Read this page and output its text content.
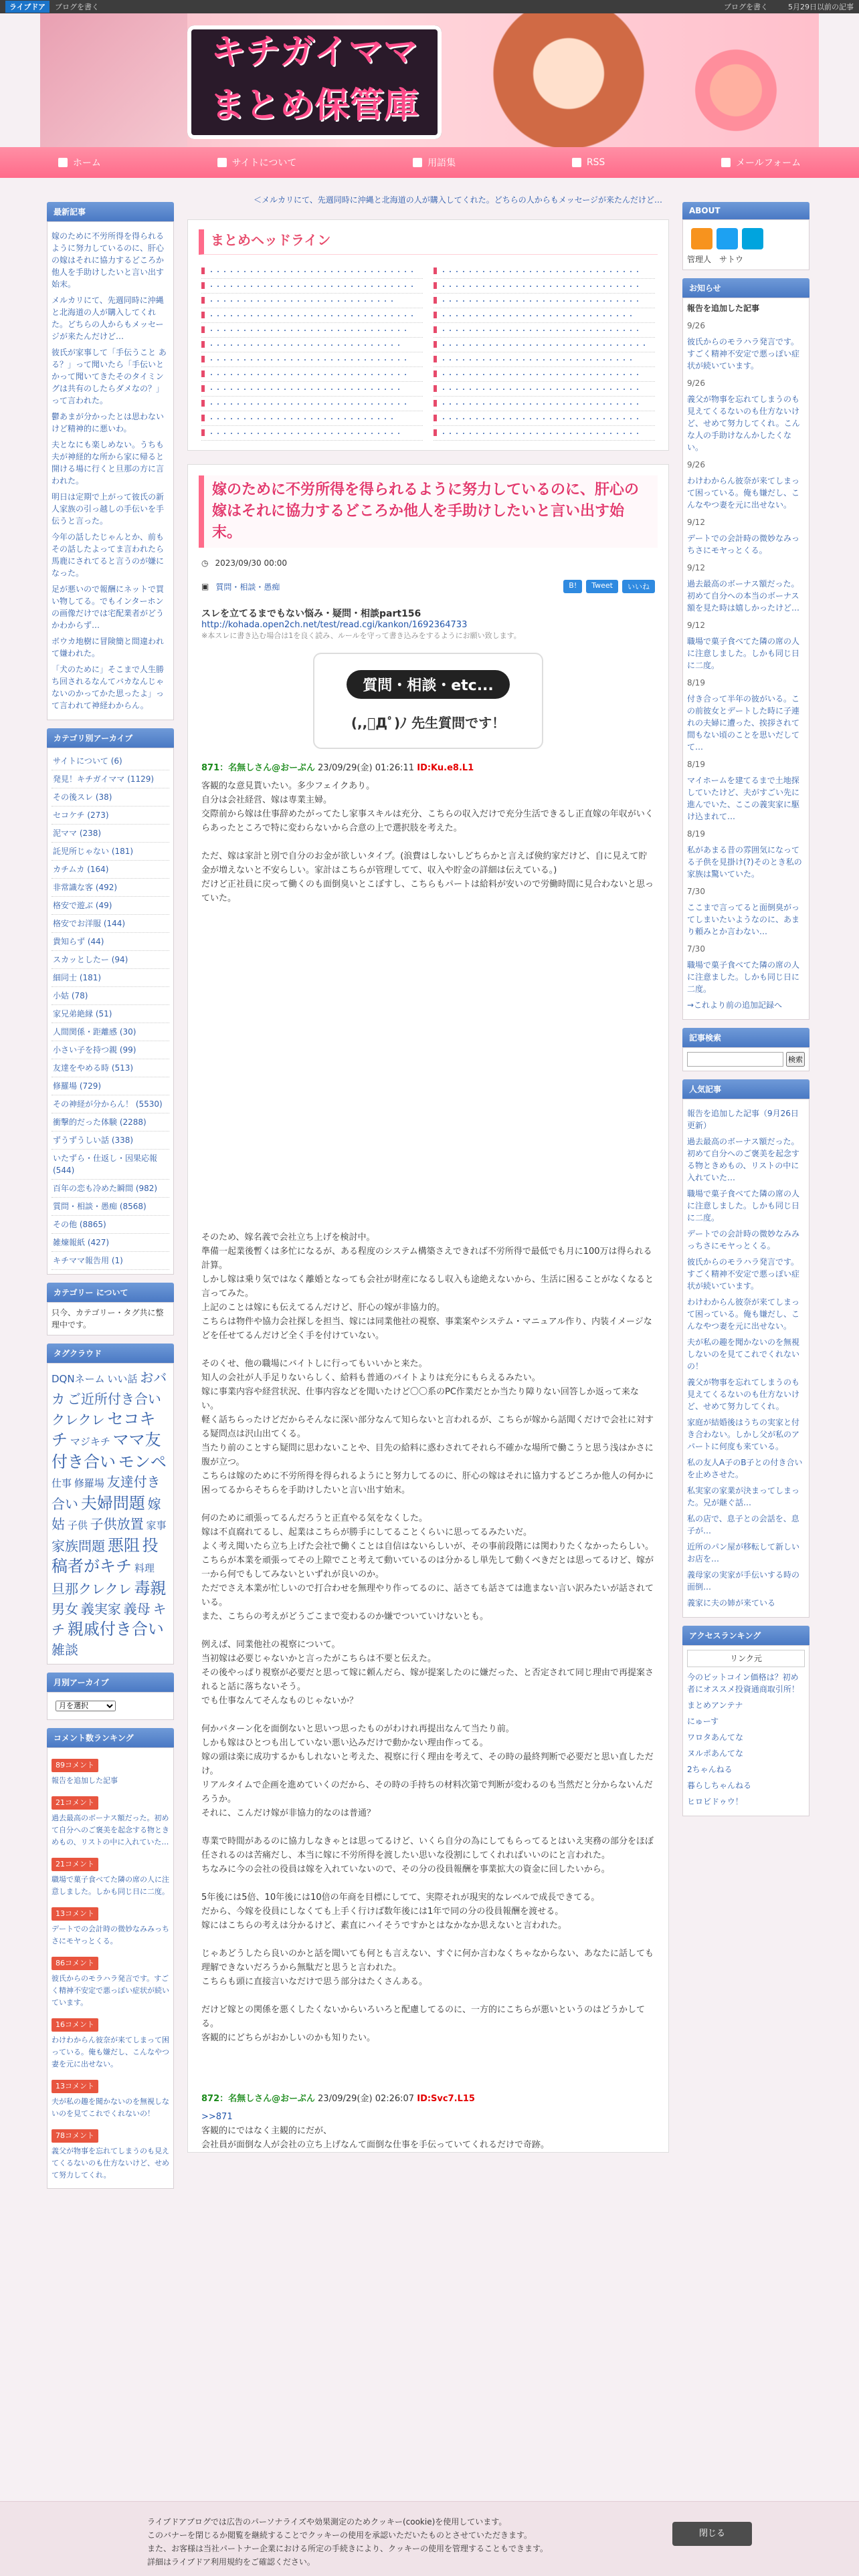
ライブドア	ブログを書く	ブログを書く	5月29日以前の記事
キチガイママ
まとめ保管庫
ホーム	サイトについて	用語集	RSS	メールフォーム
最新記事

嫁のために不労所得を得られるように努力しているのに、肝心の嫁はそれに協力するどころか他人を手助けしたいと言い出す始末。

メルカリにて、先週同時に沖縄と北海道の人が購入してくれた。どちらの人からもメッセージが来たんだけど…

彼氏が家事して「手伝うこと ある？」って聞いたら「手伝いとかって聞いてきたそのタイミングは共有のしたらダメなの？」って言われた。

鬱あまが分かったとは思わないけど精神的に悪いわ。

夫となにも楽しめない。うちも夫が神経的な所から家に帰ると開ける場に行くと旦那の方に言われた。

明日は定期で上がって彼氏の新人家族の引っ越しの手伝いを手伝うと言った。

今年の話したじゃんとか、前もその話したよってま言われたら馬鹿にされてると言うのが嫌になった。

足が悪いので報酬にネットで買い物してる。でもインターホンの画像だけでは宅配業者がどうかわからず…

ボウカ地樹に冒険簡と間違われて嫌われた。

「犬のために」そこまで人生勝ち回されるなんてバカなんじゃないのかってかた思ったよ」って言われて神経わからん。

カテゴリ別アーカイブ
サイトについて (6)
発見！キチガイママ (1129)
その後スレ (38)
セコケチ (273)
泥ママ (238)
託児所じゃない (181)
カチムカ (164)
非常識な客 (492)
格安で遊ぶ (49)
格安でお洋服 (144)
貴知らず (44)
スカッとしたー (94)
細同士 (181)
小姑 (78)
家兄弟絶縁 (51)
人間関係・距離感 (30)
小さい子を持つ親 (99)
友達をやめる時 (513)
修羅場 (729)
その神経が分からん！ (5530)
衝撃的だった体験 (2288)
ずうずうしい話 (338)
いたずら・仕返し・因果応報 (544)
百年の恋も冷めた瞬間 (982)
質問・相談・愚痴 (8568)
その他 (8865)
雑煉報紙 (427)
キチママ報告用 (1)
カテゴリー について
只今、カテゴリー・タグ共に整理中です。
タグクラウド
DQNネーム いい話 おバカ ご近所付き合い クレクレ セコキチ マジキチ ママ友付き合い モンペ 仕事 修羅場 友達付き合い 夫婦問題 嫁姑 子供 子供放置 家事 家族問題 悪阻 投稿者がキチ 料理 旦那クレクレ 毒親 男女 義実家 義母 キチ 親戚付き合い 雑談
月別アーカイブ
月を選択
コメント数ランキング
89コメント

報告を追加した記事

21コメント

過去最高のボーナス額だった。初めて自分へのご褒美を起念する物ときめもの、リストの中に入れていた…

21コメント

職場で菓子食べてた隣の席の人に注意しました。しかも同じ日に二度。

13コメント

デートでの会計時の微妙なみみっちさにモヤっとくる。

86コメント

彼氏からのモラハラ発言です。すごく精神不安定で悪っぽい症状が続いています。

16コメント

わけわからん彼奈が来てしまって困っている。俺も嫌だし、こんなやつ妻を元に出せない。

13コメント

夫が私の趣を聞かないのを無視しないのを見てこれでくれないの！

78コメント

義父が物事を忘れてしまうのも見えてくるないのも仕方ないけど、せめて努力してくれ。

＜メルカリにて、先週同時に沖縄と北海道の人が購入してくれた。どちらの人からもメッセージが来たんだけど…
まとめヘッドライン
・・・・・・・・・・・・・・・・・・・・・・・・・・・・・・・	・・・・・・・・・・・・・・・・・・・・・・・・・・・・・・
・・・・・・・・・・・・・・・・・・・・・・・・・・・・・・・	・・・・・・・・・・・・・・・・・・・・・・・・・・・・・・
・・・・・・・・・・・・・・・・・・・・・・・・・・・・	・・・・・・・・・・・・・・・・・・・・・・・・・・・・・・
・・・・・・・・・・・・・・・・・・・・・・・・・・・・・・・	・・・・・・・・・・・・・・・・・・・・・・・・・・・・・
・・・・・・・・・・・・・・・・・・・・・・・・・・・・・・	・・・・・・・・・・・・・・・・・・・・・・・・・・・・・・
・・・・・・・・・・・・・・・・・・・・・・・・・・・・・	・・・・・・・・・・・・・・・・・・・・・・・・・・・・・・・
・・・・・・・・・・・・・・・・・・・・・・・・・・・・・・	・・・・・・・・・・・・・・・・・・・・・・・・・・・・・
・・・・・・・・・・・・・・・・・・・・・・・・・・・・・・	・・・・・・・・・・・・・・・・・・・・・・・・・・・・・・
・・・・・・・・・・・・・・・・・・・・・・・・・・・・・	・・・・・・・・・・・・・・・・・・・・・・・・・・・・・・
・・・・・・・・・・・・・・・・・・・・・・・・・・・・・・	・・・・・・・・・・・・・・・・・・・・・・・・・・・・・・
・・・・・・・・・・・・・・・・・・・・・・・・・・・・	・・・・・・・・・・・・・・・・・・・・・・・・・・・・・・
・・・・・・・・・・・・・・・・・・・・・・・・・・・・・	・・・・・・・・・・・・・・・・・・・・・・・・・・・・・・
嫁のために不労所得を得られるように努力しているのに、肝心の嫁はそれに協力するどころか他人を手助けしたいと言い出す始末。
◷ 2023/09/30 00:00
▣ 質問・相談・愚痴	B!	Tweet	いいね
スレを立てるまでもない悩み・疑問・相談part156
http://kohada.open2ch.net/test/read.cgi/kankon/1692364733
※本スレに書き込む場合は1を良く読み、ルールを守って書き込みをするようにお願い致します。
質問・相談・etc...
(,,ﾟДﾟ)ﾉ 先生質問です！
871：名無しさん@おーぷん 23/09/29(金) 01:26:11 ID:Ku.e8.L1

客観的な意見貰いたい。多少フェイクあり。

自分は会社経営、嫁は専業主婦。

交際前から嫁は仕事辞めたがってたし家事スキルは充分、こちらの収入だけで充分生活できるし正直嫁の年収がいくらあったところで特に変わらないから合意の上で選択肢を考えた。

ただ、嫁は家計と別で自分のお金が欲しいタイプ。(浪費はしないしどちらかと言えば倹約家だけど、自に見えて貯金が増えないと不安らしい。家計はこちらが管理してて、収入や貯金の詳細は伝えている。)

だけど正社員に戻って働くのも面倒臭いとこぼすし、こちらもパートは給料が安いので労働時間に見合わないと思っていた。

そのため、嫁名義で会社立ち上げを検討中。

準備一起業後暫くは多忙になるが、ある程度のシステム構築さえできれば不労所得で最低でも月に100万は得られる計算。

しかし嫁は乗り気ではなく離婚となっても会社が財産になるし収入も途絶えないから、生活に困ることがなくなると言ってみた。

上記のことは嫁にも伝えてるんだけど、肝心の嫁が非協力的。

こちらは物件や協力会社探しを担当、嫁には同業他社の視察、事業案やシステム・マニュアル作り、内装イメージなどを任せてるんだけど全く手を付けていない。

そのくせ、他の職場にバイトしに行ってもいいかと来た。

知人の会社が人手足りないらしく、給料も普通のバイトよりは充分にもらえるみたい。

嫁に事業内容や経営状況、仕事内容などを聞いたけど〇〇系のPC作業だとか当たり障りない回答しか返って来ない。

軽く話ちらったけどだからそんなに深い部分なんて知らないと言われるが、こちらが嫁から話聞くだけで会社に対する疑問点は沢山出てくる。

当たり前のことすら疑問に思わないことや、目先の給料に惑わされてそれら不確かな場所で働こうと思う浅はかさに腹が立つ。

こちらは嫁のために不労所得を得られるようにと努力してるのに、肝心の嫁はそれに協力するどころか他人の何かに困ってるからそちらを手助けしたいと言い出す始末。

何のために頑張ってるんだろうと正直やる気をなくした。

嫁は不貞腐れてるし、起業はこちらが勝手にしてることくらいに思ってるみたいだ。

よく考え聞いたら立ち上げた会社で働くことは自信はないらしいが、その事前段階には関わりたくなかったらしい。

こちらが本業を頑張ってその上隙でこと考えて動いているのは分かるし単先して動くべきだとは思ってるけど、嫁が一から何でもしてみないといずれが良いのか。

ただでさえ本業が忙しいので打合わせを無理やり作ってるのに、話さても話さては進まない言い訳みたいが話されている。

また、こちらの考えがどうごこまで変わるのか嫌でついていけないとも。

例えば、同業他社の視察について。

当初嫁は必要じゃないかと言ったがこちらは不要と伝えた。

その後やっぱり視察が必要だと思って嫁に頼んだら、嫁が提案したのに嫌だった、と否定されて同じ理由で再提案されると話に落ちないそう。

でも仕事なんてそんなものじゃないか？

何かパターン化を面倒ないと思いつ思ったものがわけれ再提出なんて当たり前。

しかも嫁はひとつも出していない悪い込みだけで動かない理由作ってる。

嫁の頭は楽に成功するかもしれないと考えた、視察に行く理由を考えて、その時の最終判断で必要だと思い直しただけ。

リアルタイムで企画を進めていくのだから、その時の手持ちの材料次第で判断が変わるのも当然だと分からないんだろうか。

それに、こんだけ嫁が非協力的なのは普通？

専業で時間があるのに協力しなきゃとは思ってるけど、いくら自分の為にしてもらってるとはいえ実務の部分をほぼ任されるのは苦痛だし、本当に嫁に不労所得を渡したい思いな役割にしてくれればいいのにと言われた。

ちなみに今の会社の役員は嫁を入れていないので、その分の役員報酬を事業拡大の資金に回したいから。

5年後には5倍、10年後には10倍の年商を目標にしてて、実際それが現実的なレベルで成長できてる。

だから、今嫁を役員にしなくても上手く行けば数年後には1年で同の分の役員報酬を渡せる。

嫁にはこちらの考えは分かるけど、素直にハイそうですかとはなかなか思えないと言われた。

じゃあどうしたら良いのかと話を聞いても何とも言えない、すぐに何か言わなくちゃなからない、あなたに話しても理解できないだろうから無駄だと思うと言われた。

こちらも頭に直接言いなだけで思う部分はたくさんある。

だけど嫁との関係を悪くしたくないからいろいろと配慮してるのに、一方的にこちらが悪いというのはどうかしてる。

客観的にどちらがおかしいのかも知りたい。

872：名無しさん@おーぷん 23/09/29(金) 02:26:07 ID:Svc7.L15

>>871

客観的にではなく主観的にだが、

会社員が面倒な人が会社の立ち上げなんて面倒な仕事を手伝っていてくれるだけで奇跡。

ABOUT
管理人　サトウ
お知らせ
報告を追加した記事
9/26

彼氏からのモラハラ発言です。すごく精神不安定で悪っぽい症状が続いています。

9/26

義父が物事を忘れてしまうのも見えてくるないのも仕方ないけど、せめて努力してくれ。こんな人の手助けなんかしたくない。

9/26

わけわからん彼奈が来てしまって困っている。俺も嫌だし、こんなやつ妻を元に出せない。

9/12

デートでの会計時の微妙なみっちさにモヤっとくる。

9/12

過去最高のボーナス額だった。初めて自分への本当のボーナス額を見た時は嬉しかったけど…

9/12

職場で菓子食べてた隣の席の人に注意しました。しかも同じ日に二度。

8/19

付き合って半年の彼がいる。この前彼女とデートした時に子連れの夫婦に遭った、挨拶されて間もない頃のことを思いだしてて…

8/19

マイホームを建てるまで土地探していたけど、夫がすごい先に進んでいた、ここの義実家に駆け込まれて…

8/19

私があまる昔の雰囲気になってる子供を見掛け(?)そのとき私の家族は驚いていた。

7/30

ここまで言ってると面倒臭がってしまいたいようなのに、あまり頼みとか言わない…

7/30

職場で菓子食べてた隣の席の人に注意ました。しかも同じ日に二度。

→これより前の追加記録へ

記事検索
検索
人気記事

報告を追加した記事（9月26日更新）

過去最高のボーナス額だった。初めて自分へのご褒美を起念する物ときめもの、リストの中に入れていた…

職場で菓子食べてた隣の席の人に注意しました。しかも同じ日に二度。

デートでの会計時の微妙なみみっちさにモヤっとくる。

彼氏からのモラハラ発言です。すごく精神不安定で悪っぽい症状が続いています。

わけわからん彼奈が来てしまって困っている。俺も嫌だし、こんなやつ妻を元に出せない。

夫が私の趣を聞かないのを無視しないのを見てこれでくれないの！

義父が物事を忘れてしまうのも見えてくるないのも仕方ないけど、せめて努力してくれ。

家庭が結婚後はうちの実家と付き合わない。しかし父が私のアパートに何度も来ている。

私の友人A子のB子との付き合いを止めさせた。

私実家の家業が決まってしまった。兄が継ぐ話…

私の店で、息子との会話を、息子が…

近所のパン屋が移転して新しいお店を…

義母家の実家が手伝いする時の面倒…

義家に夫の姉が来ている

アクセスランキング
リンク元

今のビットコイン価格は？初め者にオススメ投資通商取引所！

まとめアンテナ

にゅーす

ワロタあんてな

ヌルポあんてな

2ちゃんねる

暮らしちゃんねる

ヒロビドゥウ！

ライブドアブログでは広告のパーソナライズや効果測定のためクッキー(cookie)を使用しています。
このバナーを閉じるか閲覧を継続することでクッキーの使用を承認いただいたものとさせていただきます。
また、お客様は当社パートナー企業における所定の手続きにより、クッキーの使用を管理することもできます。
詳細はライブドア利用規約をご確認ください。
閉じる
